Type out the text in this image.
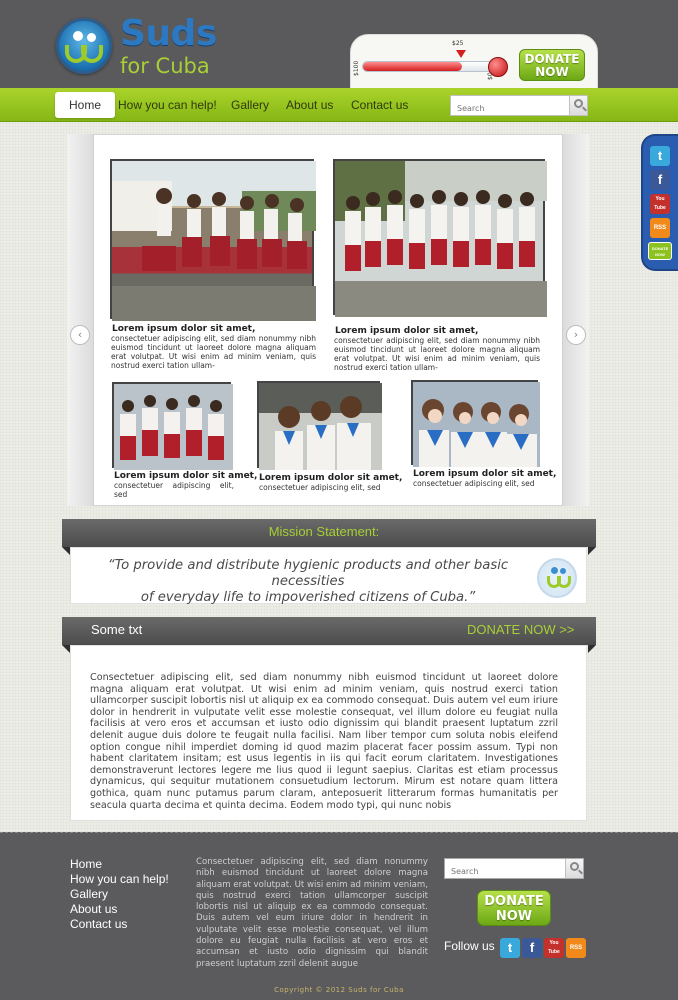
Suds
for Cuba
$25
$100
$0
DONATE NOW
Home	How you can help! Gallery About us Contact us
Search
t
f
You Tube
RSS
DONATE NOW
‹	›
Lorem ipsum dolor sit amet,
consectetuer adipiscing elit, sed diam nonummy nibh euismod tincidunt ut laoreet dolore magna aliquam erat volutpat. Ut wisi enim ad minim veniam, quis nostrud exerci tation ullam-
Lorem ipsum dolor sit amet,
consectetuer adipiscing elit, sed diam nonummy nibh euismod tincidunt ut laoreet dolore magna aliquam erat volutpat. Ut wisi enim ad minim veniam, quis nostrud exerci tation ullam-
Lorem ipsum dolor sit amet,
consectetuer adipiscing elit, sed
Lorem ipsum dolor sit amet,
consectetuer adipiscing elit, sed
Lorem ipsum dolor sit amet,
consectetuer adipiscing elit, sed
Mission Statement:
“To provide and distribute hygienic products and other basic necessities
of everyday life to impoverished citizens of Cuba.”
Some txt	DONATE NOW >>
Consectetuer adipiscing elit, sed diam nonummy nibh euismod tincidunt ut laoreet dolore magna aliquam erat volutpat. Ut wisi enim ad minim veniam, quis nostrud exerci tation ullamcorper suscipit lobortis nisl ut aliquip ex ea commodo consequat. Duis autem vel eum iriure dolor in hendrerit in vulputate velit esse molestie consequat, vel illum dolore eu feugiat nulla facilisis at vero eros et accumsan et iusto odio dignissim qui blandit praesent luptatum zzril delenit augue duis dolore te feugait nulla facilisi. Nam liber tempor cum soluta nobis eleifend option congue nihil imperdiet doming id quod mazim placerat facer possim assum. Typi non habent claritatem insitam; est usus legentis in iis qui facit eorum claritatem. Investigationes demonstraverunt lectores legere me lius quod ii legunt saepius. Claritas est etiam processus dynamicus, qui sequitur mutationem consuetudium lectorum. Mirum est notare quam littera gothica, quam nunc putamus parum claram, anteposuerit litterarum formas humanitatis per seacula quarta decima et quinta decima. Eodem modo typi, qui nunc nobis
Home
How you can help!
Gallery
About us
Contact us
Consectetuer adipiscing elit, sed diam nonummy nibh euismod tincidunt ut laoreet dolore magna aliquam erat volutpat. Ut wisi enim ad minim veniam, quis nostrud exerci tation ullamcorper suscipit lobortis nisl ut aliquip ex ea commodo consequat. Duis autem vel eum iriure dolor in hendrerit in vulputate velit esse molestie consequat, vel illum dolore eu feugiat nulla facilisis at vero eros et accumsan et iusto odio dignissim qui blandit praesent luptatum zzril delenit augue
Search
DONATE NOW
Follow us	t	f	You Tube
RSS
Copyright © 2012 Suds for Cuba
